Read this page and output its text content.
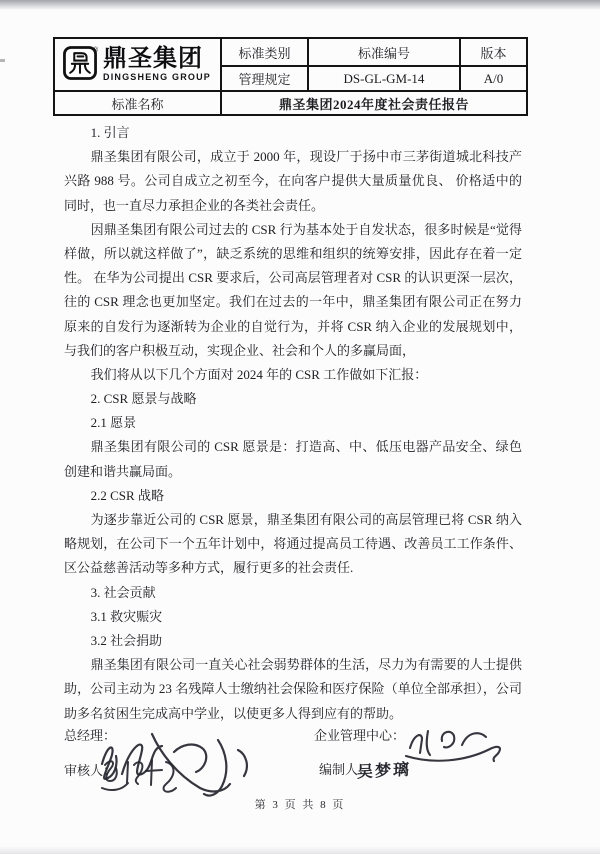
® 鼎圣集团
DINGSHENG GROUP	标准类别	标准编号	版本
	管理规定	DS-GL-GM-14	A/0
标准名称	鼎圣集团2024年度社会责任报告		
1. 引言
鼎圣集团有限公司，成立于 2000 年，现设厂于扬中市三茅街道城北科技产
兴路 988 号。公司自成立之初至今，在向客户提供大量质量优良、 价格适中的
同时，也一直尽力承担企业的各类社会责任。
因鼎圣集团有限公司过去的 CSR 行为基本处于自发状态，很多时候是“觉得
样做，所以就这样做了”，缺乏系统的思维和组织的统筹安排，因此存在着一定
性。 在华为公司提出 CSR 要求后，公司高层管理者对 CSR 的认识更深一层次，
往的 CSR 理念也更加坚定。我们在过去的一年中，鼎圣集团有限公司正在努力
原来的自发行为逐渐转为企业的自觉行为，并将 CSR 纳入企业的发展规划中，
与我们的客户积极互动，实现企业、社会和个人的多赢局面，
我们将从以下几个方面对 2024 年的 CSR 工作做如下汇报：
2. CSR 愿景与战略
2.1 愿景
鼎圣集团有限公司的 CSR 愿景是：打造高、中、低压电器产品安全、绿色
创建和谐共赢局面。
2.2 CSR 战略
为逐步靠近公司的 CSR 愿景，鼎圣集团有限公司的高层管理已将 CSR 纳入
略规划，在公司下一个五年计划中，将通过提高员工待遇、改善员工工作条件、
区公益慈善活动等多种方式，履行更多的社会责任.
3. 社会贡献
3.1 救灾赈灾
3.2 社会捐助
鼎圣集团有限公司一直关心社会弱势群体的生活，尽力为有需要的人士提供
助，公司主动为 23 名残障人士缴纳社会保险和医疗保险（单位全部承担），公司
助多名贫困生完成高中学业，以使更多人得到应有的帮助。
总经理：	企业管理中心：
审核人：	编制人：
吴梦璃
第 3 页 共 8 页
